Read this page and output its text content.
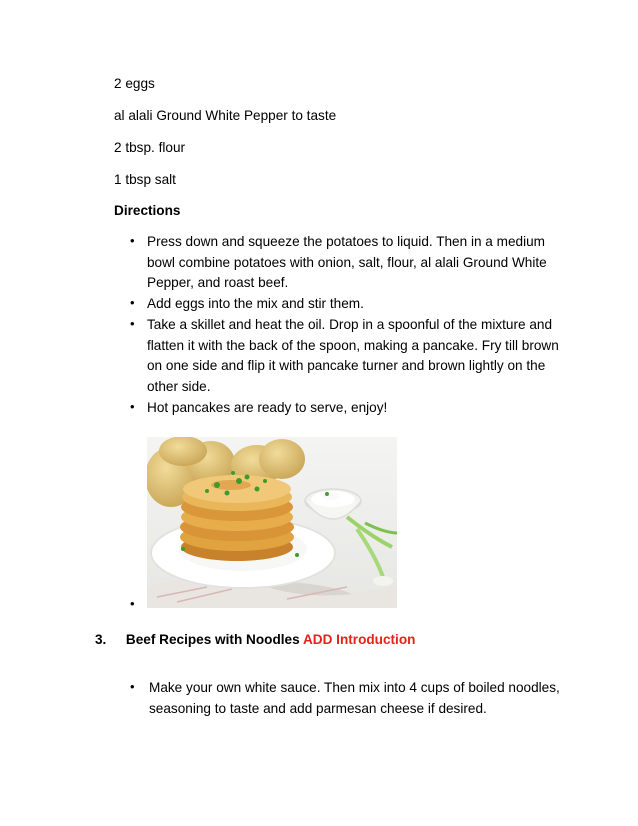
2 eggs
al alali Ground White Pepper to taste
2 tbsp. flour
1 tbsp salt
Directions
• Press down and squeeze the potatoes to liquid. Then in a medium bowl combine potatoes with onion, salt, flour, al alali Ground White Pepper, and roast beef.
• Add eggs into the mix and stir them.
• Take a skillet and heat the oil. Drop in a spoonful of the mixture and flatten it with the back of the spoon, making a pancake. Fry till brown on one side and flip it with pancake turner and brown lightly on the other side.
• Hot pancakes are ready to serve, enjoy!
•
3. Beef Recipes with Noodles ADD Introduction
• Make your own white sauce. Then mix into 4 cups of boiled noodles, seasoning to taste and add parmesan cheese if desired.
